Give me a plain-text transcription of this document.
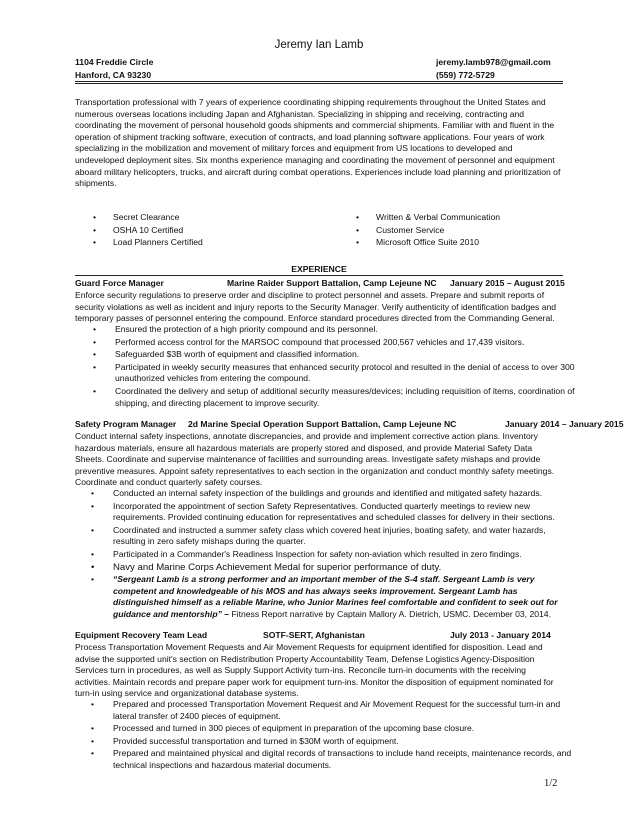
Jeremy Ian Lamb
1104 Freddie Circle
Hanford, CA 93230
jeremy.lamb978@gmail.com
(559) 772-5729
Transportation professional with 7 years of experience coordinating shipping requirements throughout the United States and numerous overseas locations including Japan and Afghanistan. Specializing in shipping and receiving, contracting and coordinating the movement of personal household goods shipments and commercial shipments. Familiar with and fluent in the operation of shipment tracking software, execution of contracts, and load planning software applications. Four years of work specializing in the mobilization and movement of military forces and equipment from US locations to developed and undeveloped deployment sites. Six months experience managing and coordinating the movement of personnel and equipment aboard military helicopters, trucks, and aircraft during combat operations. Experiences include load planning and prioritization of shipments.
• Secret Clearance
• OSHA 10 Certified
• Load Planners Certified
• Written & Verbal Communication
• Customer Service
• Microsoft Office Suite 2010
EXPERIENCE
Guard Force Manager	Marine Raider Support Battalion, Camp Lejeune NC January 2015 – August 2015
Enforce security regulations to preserve order and discipline to protect personnel and assets. Prepare and submit reports of security violations as well as incident and injury reports to the Security Manager. Verify authenticity of identification badges and temporary passes of personnel entering the compound. Enforce standard procedures directed from the Commanding General.
• Ensured the protection of a high priority compound and its personnel.
• Performed access control for the MARSOC compound that processed 200,567 vehicles and 17,439 visitors.
• Safeguarded $3B worth of equipment and classified information.
• Participated in weekly security measures that enhanced security protocol and resulted in the denial of access to over 300 unauthorized vehicles from entering the compound.
• Coordinated the delivery and setup of additional security measures/devices; including requisition of items, coordination of shipping, and directing placement to improve security.
Safety Program Manager 2d Marine Special Operation Support Battalion, Camp Lejeune NC	January 2014 – January 2015
Conduct internal safety inspections, annotate discrepancies, and provide and implement corrective action plans. Inventory hazardous materials, ensure all hazardous materials are properly stored and disposed, and provide Material Safety Data Sheets. Coordinate and supervise maintenance of facilities and surrounding areas. Investigate safety mishaps and provide preventive measures. Appoint safety representatives to each section in the organization and conduct monthly safety meetings. Coordinate and conduct quarterly safety courses.
• Conducted an internal safety inspection of the buildings and grounds and identified and mitigated safety hazards.
• Incorporated the appointment of section Safety Representatives. Conducted quarterly meetings to review new requirements. Provided continuing education for representatives and scheduled classes for delivery in their sections.
• Coordinated and instructed a summer safety class which covered heat injuries, boating safety, and water hazards, resulting in zero safety mishaps during the quarter.
• Participated in a Commander's Readiness Inspection for safety non-aviation which resulted in zero findings.
• Navy and Marine Corps Achievement Medal for superior performance of duty.
• “Sergeant Lamb is a strong performer and an important member of the S-4 staff. Sergeant Lamb is very competent and knowledgeable of his MOS and has always seeks improvement. Sergeant Lamb has distinguished himself as a reliable Marine, who Junior Marines feel comfortable and confident to seek out for guidance and mentorship” – Fitness Report narrative by Captain Mallory A. Dietrich, USMC. December 03, 2014.
Equipment Recovery Team Lead	SOTF-SERT, Afghanistan	July 2013 - January 2014
Process Transportation Movement Requests and Air Movement Requests for equipment identified for disposition. Lead and advise the supported unit's section on Redistribution Property Accountability Team, Defense Logistics Agency-Disposition Services turn in procedures, as well as Supply Support Activity turn-ins. Reconcile turn-in documents with the receiving activities. Maintain records and prepare paper work for equipment turn-ins. Monitor the disposition of equipment nominated for turn-in using service and organizational database systems.
• Prepared and processed Transportation Movement Request and Air Movement Request for the successful turn-in and lateral transfer of 2400 pieces of equipment.
• Processed and turned in 300 pieces of equipment in preparation of the upcoming base closure.
• Provided successful transportation and turned in $30M worth of equipment.
• Prepared and maintained physical and digital records of transactions to include hand receipts, maintenance records, and technical inspections and hazardous material documents.
1/2
